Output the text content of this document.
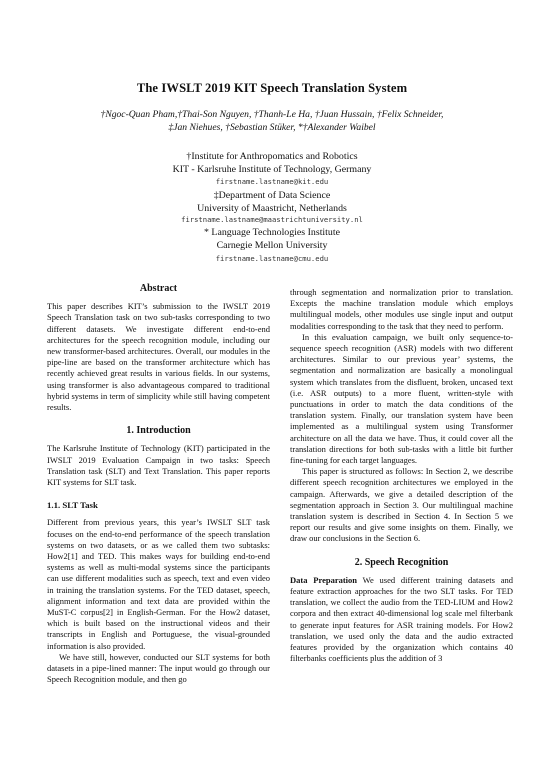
The IWSLT 2019 KIT Speech Translation System
†Ngoc-Quan Pham,†Thai-Son Nguyen, †Thanh-Le Ha, †Juan Hussain, †Felix Schneider,
‡Jan Niehues, †Sebastian Stüker, *†Alexander Waibel
†Institute for Anthropomatics and Robotics
KIT - Karlsruhe Institute of Technology, Germany
firstname.lastname@kit.edu
‡Department of Data Science
University of Maastricht, Netherlands
firstname.lastname@maastrichtuniversity.nl
* Language Technologies Institute
Carnegie Mellon University
firstname.lastname@cmu.edu
Abstract

This paper describes KIT’s submission to the IWSLT 2019 Speech Translation task on two sub-tasks corresponding to two different datasets. We investigate different end-to-end architectures for the speech recognition module, including our new transformer-based architectures. Overall, our modules in the pipe-line are based on the transformer architecture which has recently achieved great results in various fields. In our systems, using transformer is also advantageous compared to traditional hybrid systems in term of simplicity while still having competent results.

1. Introduction

The Karlsruhe Institute of Technology (KIT) participated in the IWSLT 2019 Evaluation Campaign in two tasks: Speech Translation task (SLT) and Text Translation. This paper reports KIT systems for SLT task.

1.1. SLT Task

Different from previous years, this year’s IWSLT SLT task focuses on the end-to-end performance of the speech translation systems on two datasets, or as we called them two subtasks: How2[1] and TED. This makes ways for building end-to-end systems as well as multi-modal systems since the participants can use different modalities such as speech, text and even video in training the translation systems. For the TED dataset, speech, alignment information and text data are provided within the MuST-C corpus[2] in English-German. For the How2 dataset, which is built based on the instructional videos and their transcripts in English and Portuguese, the visual-grounded information is also provided.

We have still, however, conducted our SLT systems for both datasets in a pipe-lined manner: The input would go through our Speech Recognition module, and then go

through segmentation and normalization prior to translation. Excepts the machine translation module which employs multilingual models, other modules use single input and output modalities corresponding to the task that they need to perform.

In this evaluation campaign, we built only sequence-to-sequence speech recognition (ASR) models with two different architectures. Similar to our previous year’ systems, the segmentation and normalization are basically a monolingual system which translates from the disfluent, broken, uncased text (i.e. ASR outputs) to a more fluent, written-style with punctuations in order to match the data conditions of the translation system. Finally, our translation system have been implemented as a multilingual system using Transformer architecture on all the data we have. Thus, it could cover all the translation directions for both sub-tasks with a little bit further fine-tuning for each target languages.

This paper is structured as follows: In Section 2, we describe different speech recognition architectures we employed in the campaign. Afterwards, we give a detailed description of the segmentation approach in Section 3. Our multilingual machine translation system is described in Section 4. In Section 5 we report our results and give some insights on them. Finally, we draw our conclusions in the Section 6.

2. Speech Recognition

Data Preparation We used different training datasets and feature extraction approaches for the two SLT tasks. For TED translation, we collect the audio from the TED-LIUM and How2 corpora and then extract 40-dimensional log scale mel filterbank to generate input features for ASR training models. For How2 translation, we used only the data and the audio extracted features provided by the organization which contains 40 filterbanks coefficients plus the addition of 3
